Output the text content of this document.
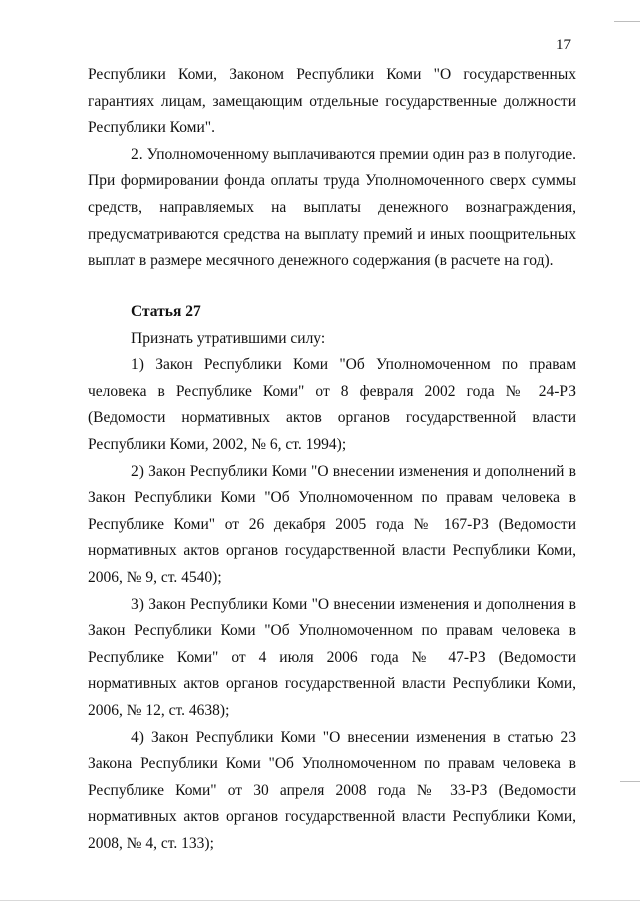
17

Республики Коми, Законом Республики Коми "О государственных гарантиях лицам, замещающим отдельные государственные должности Республики Коми".

2. Уполномоченному выплачиваются премии один раз в полугодие. При формировании фонда оплаты труда Уполномоченного сверх суммы средств, направляемых на выплаты денежного вознаграждения, предусматриваются средства на выплату премий и иных поощрительных выплат в размере месячного денежного содержания (в расчете на год).

Статья 27

Признать утратившими силу:

1) Закон Республики Коми "Об Уполномоченном по правам человека в Республике Коми" от 8 февраля 2002 года № 24-РЗ (Ведомости нормативных актов органов государственной власти Республики Коми, 2002, № 6, ст. 1994);

2) Закон Республики Коми "О внесении изменения и дополнений в Закон Республики Коми "Об Уполномоченном по правам человека в Республике Коми" от 26 декабря 2005 года № 167-РЗ (Ведомости нормативных актов органов государственной власти Республики Коми, 2006, № 9, ст. 4540);

3) Закон Республики Коми "О внесении изменения и дополнения в Закон Республики Коми "Об Уполномоченном по правам человека в Республике Коми" от 4 июля 2006 года № 47-РЗ (Ведомости нормативных актов органов государственной власти Республики Коми, 2006, № 12, ст. 4638);

4) Закон Республики Коми "О внесении изменения в статью 23 Закона Республики Коми "Об Уполномоченном по правам человека в Республике Коми" от 30 апреля 2008 года № 33-РЗ (Ведомости нормативных актов органов государственной власти Республики Коми, 2008, № 4, ст. 133);
